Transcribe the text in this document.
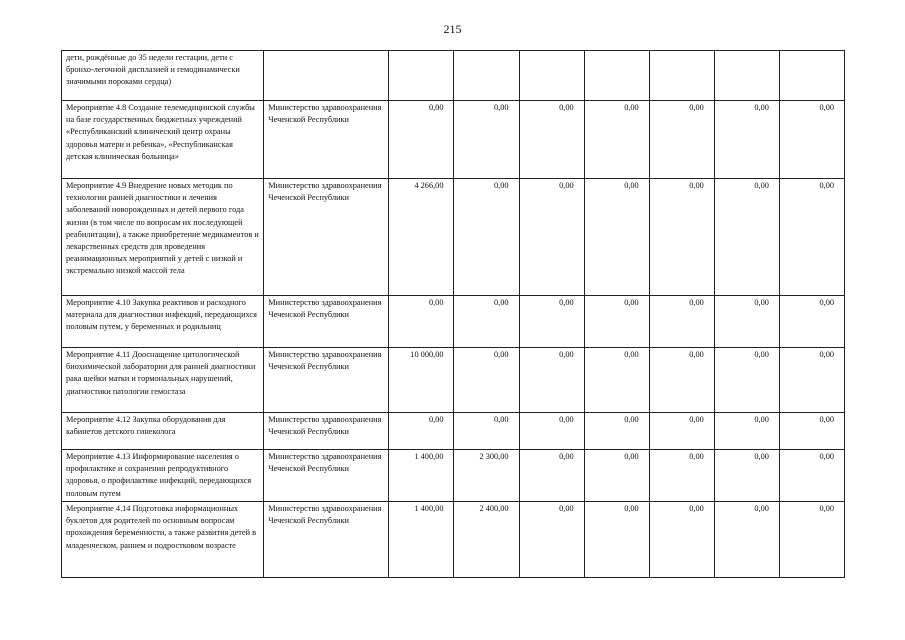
215
дети, рождённые до 35 недели гестации, дети с бронхо-легочной дисплазией и гемодинамически значимыми пороками сердца)								
Мероприятие 4.8 Создание телемедицинской службы на базе государственных бюджетных учреждений «Республиканский клинический центр охраны здоровья матери и ребенка», «Республиканская детская клиническая больница»	Министерство здравоохранения Чеченской Республики	0,00	0,00	0,00	0,00	0,00	0,00	0,00
Мероприятие 4.9 Внедрение новых методик по технологии ранней диагностики и лечения заболеваний новорожденных и детей первого года жизни (в том числе по вопросам их последующей реабилитации), а также приобретение медикаментов и лекарственных средств для проведения реанимационных мероприятий у детей с низкой и экстремально низкой массой тела	Министерство здравоохранения Чеченской Республики	4 266,00	0,00	0,00	0,00	0,00	0,00	0,00
Мероприятие 4.10 Закупка реактивов и расходного материала для диагностики инфекций, передающихся половым путем, у беременных и родильниц	Министерство здравоохранения Чеченской Республики	0,00	0,00	0,00	0,00	0,00	0,00	0,00
Мероприятие 4.11 Дооснащение цитологической биохимической лаборатории для ранней диагностики рака шейки матки и гормональных нарушений, диагностики патологии гемостаза	Министерство здравоохранения Чеченской Республики	10 000,00	0,00	0,00	0,00	0,00	0,00	0,00
Мероприятие 4.12 Закупка оборудования для кабинетов детского гинеколога	Министерство здравоохранения Чеченской Республики	0,00	0,00	0,00	0,00	0,00	0,00	0,00
Мероприятие 4.13 Информирование населения о профилактике и сохранении репродуктивного здоровья, о профилактике инфекций, передающихся половым путем	Министерство здравоохранения Чеченской Республики	1 400,00	2 300,00	0,00	0,00	0,00	0,00	0,00
Мероприятие 4.14 Подготовка информационных буклетов для родителей по основным вопросам прохождения беременности, а также развития детей в младенческом, раннем и подростковом возрасте	Министерство здравоохранения Чеченской Республики	1 400,00	2 400,00	0,00	0,00	0,00	0,00	0,00
